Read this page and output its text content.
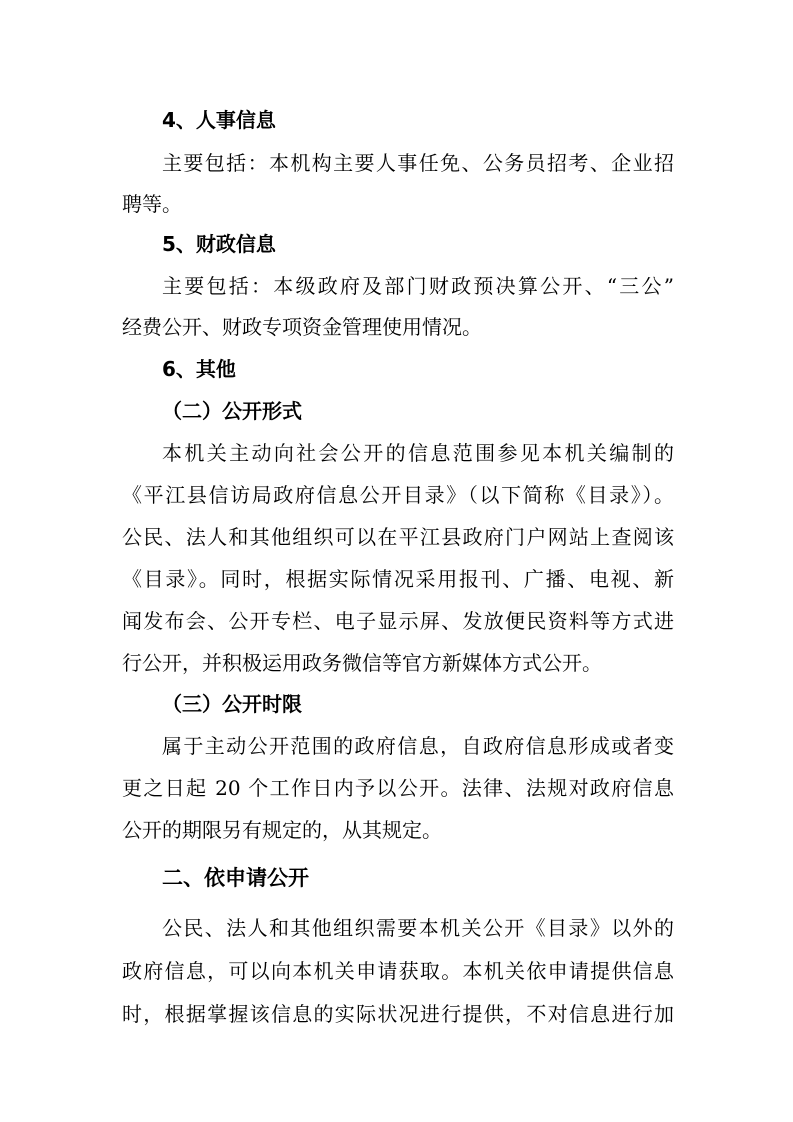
4、人事信息
主要包括：本机构主要人事任免、公务员招考、企业招
聘等。
5、财政信息
主要包括：本级政府及部门财政预决算公开、“三公”
经费公开、财政专项资金管理使用情况。
6、其他
（二）公开形式
本机关主动向社会公开的信息范围参见本机关编制的
《平江县信访局政府信息公开目录》（以下简称《目录》）。
公民、法人和其他组织可以在平江县政府门户网站上查阅该
《目录》。同时，根据实际情况采用报刊、广播、电视、新
闻发布会、公开专栏、电子显示屏、发放便民资料等方式进
行公开，并积极运用政务微信等官方新媒体方式公开。
（三）公开时限
属于主动公开范围的政府信息，自政府信息形成或者变
更之日起 20 个工作日内予以公开。法律、法规对政府信息
公开的期限另有规定的，从其规定。
二、依申请公开
公民、法人和其他组织需要本机关公开《目录》以外的
政府信息，可以向本机关申请获取。本机关依申请提供信息
时，根据掌握该信息的实际状况进行提供，不对信息进行加
